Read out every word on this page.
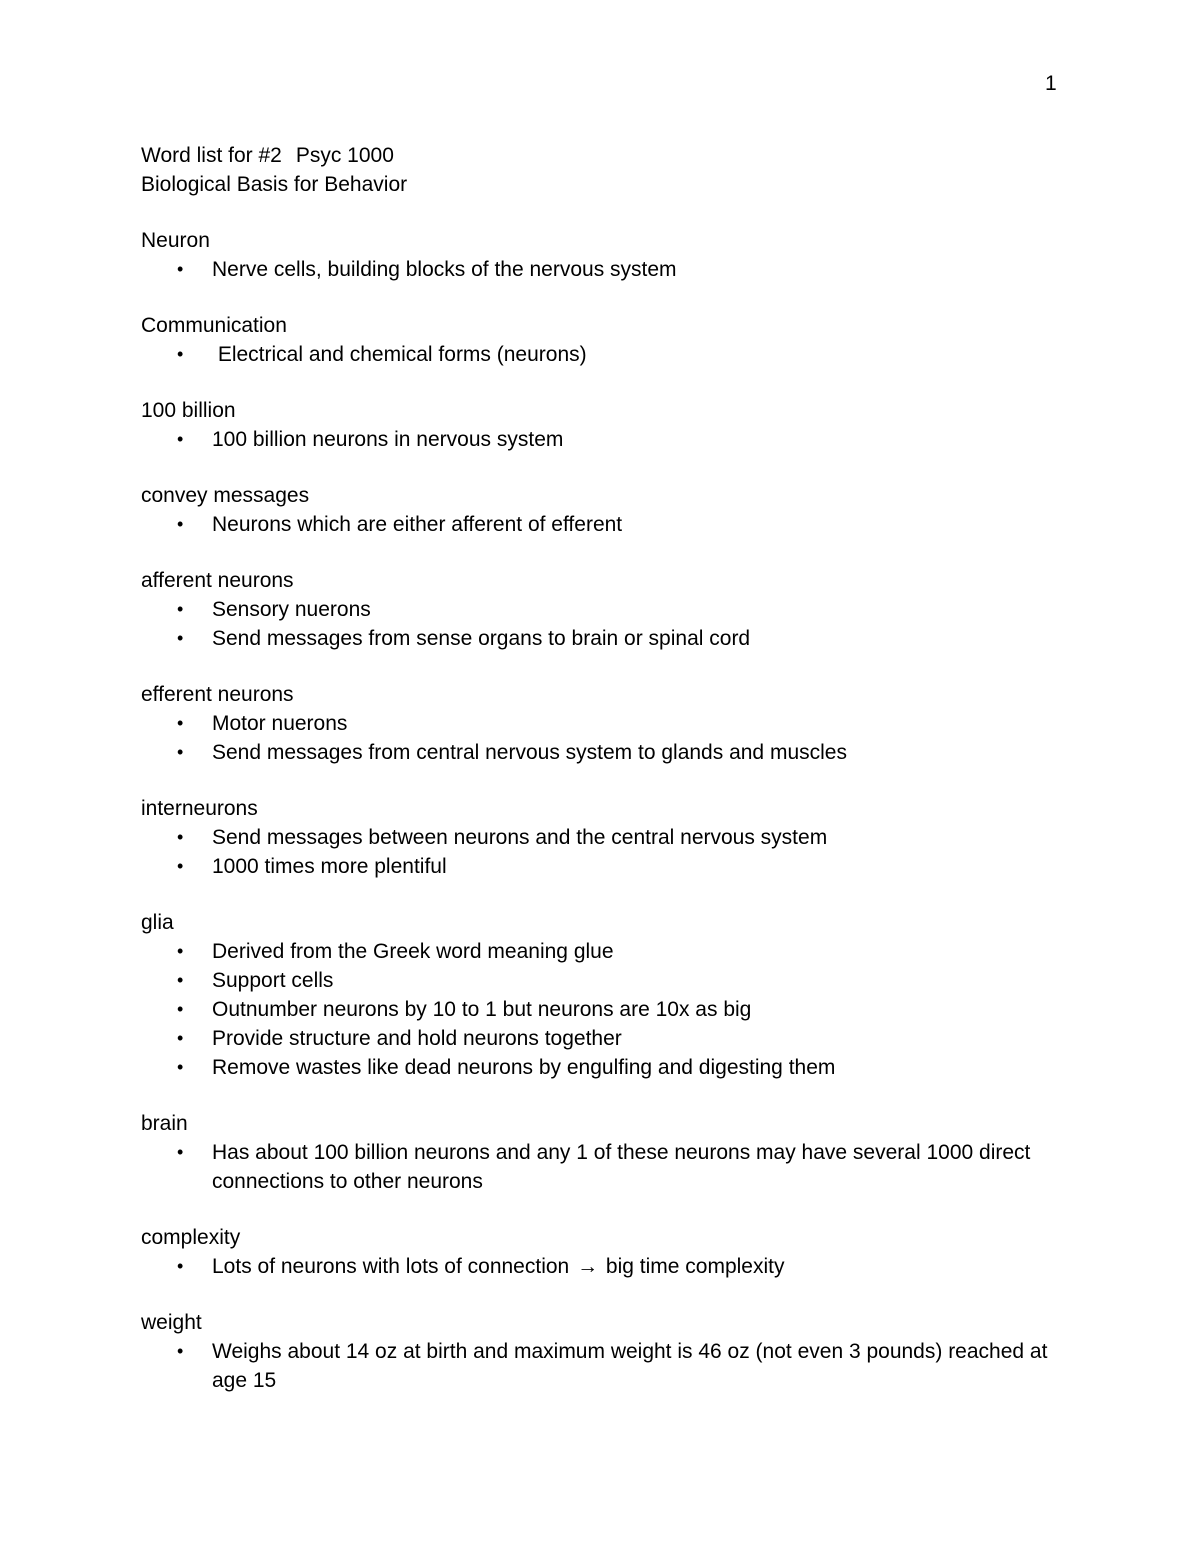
1

Word list for #2 Psyc 1000

Biological Basis for Behavior

Neuron

• Nerve cells, building blocks of the nervous system

Communication

• Electrical and chemical forms (neurons)

100 billion

• 100 billion neurons in nervous system

convey messages

• Neurons which are either afferent of efferent

afferent neurons

• Sensory nuerons
• Send messages from sense organs to brain or spinal cord

efferent neurons

• Motor nuerons
• Send messages from central nervous system to glands and muscles

interneurons

• Send messages between neurons and the central nervous system
• 1000 times more plentiful

glia

• Derived from the Greek word meaning glue
• Support cells
• Outnumber neurons by 10 to 1 but neurons are 10x as big
• Provide structure and hold neurons together
• Remove wastes like dead neurons by engulfing and digesting them

brain

• Has about 100 billion neurons and any 1 of these neurons may have several 1000 direct connections to other neurons

complexity

• Lots of neurons with lots of connection → big time complexity

weight

• Weighs about 14 oz at birth and maximum weight is 46 oz (not even 3 pounds) reached at age 15
